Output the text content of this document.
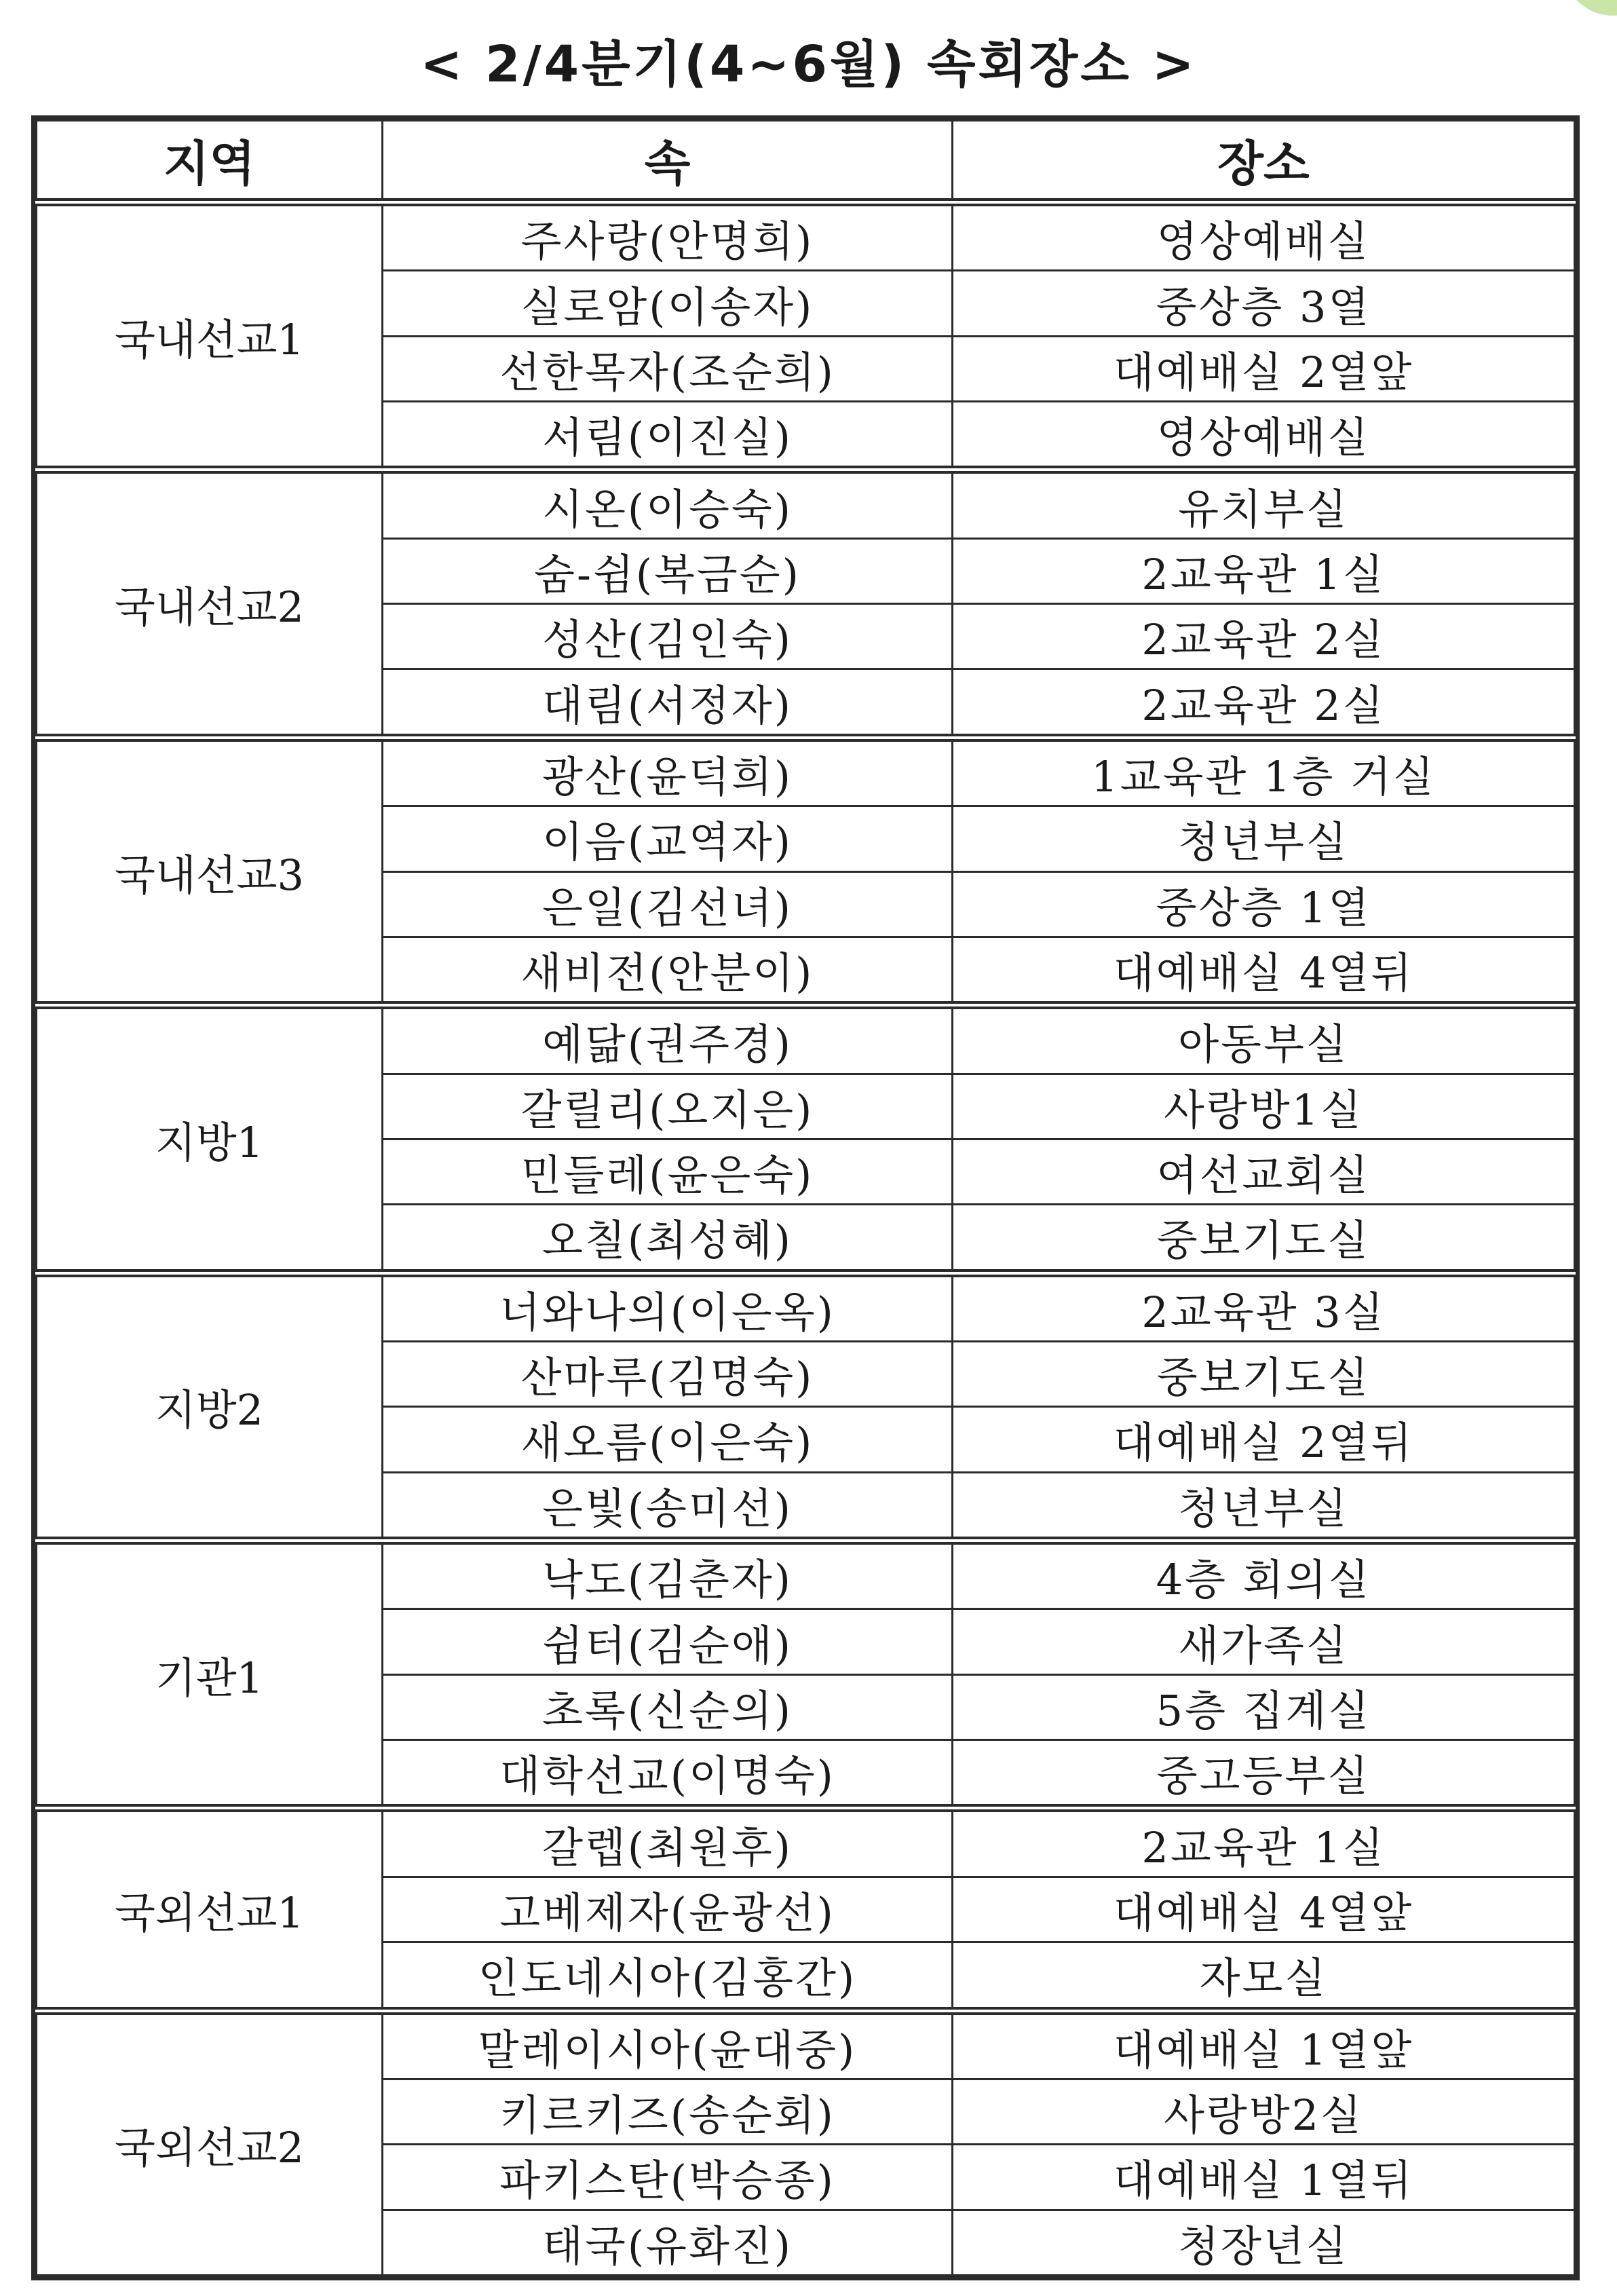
< 2/4분기(4~6월) 속회장소 >
지역	속	장소
국내선교1	주사랑(안명희)	영상예배실
	실로암(이송자)	중상층 3열
	선한목자(조순희)	대예배실 2열앞
	서림(이진실)	영상예배실
국내선교2	시온(이승숙)	유치부실
	숨-쉼(복금순)	2교육관 1실
	성산(김인숙)	2교육관 2실
	대림(서정자)	2교육관 2실
국내선교3	광산(윤덕희)	1교육관 1층 거실
	이음(교역자)	청년부실
	은일(김선녀)	중상층 1열
	새비전(안분이)	대예배실 4열뒤
지방1	예닮(권주경)	아동부실
	갈릴리(오지은)	사랑방1실
	민들레(윤은숙)	여선교회실
	오칠(최성혜)	중보기도실
지방2	너와나의(이은옥)	2교육관 3실
	산마루(김명숙)	중보기도실
	새오름(이은숙)	대예배실 2열뒤
	은빛(송미선)	청년부실
기관1	낙도(김춘자)	4층 회의실
	쉼터(김순애)	새가족실
	초록(신순의)	5층 집계실
	대학선교(이명숙)	중고등부실
국외선교1	갈렙(최원후)	2교육관 1실
	고베제자(윤광선)	대예배실 4열앞
	인도네시아(김홍간)	자모실
국외선교2	말레이시아(윤대중)	대예배실 1열앞
	키르키즈(송순회)	사랑방2실
	파키스탄(박승종)	대예배실 1열뒤
	태국(유화진)	청장년실
